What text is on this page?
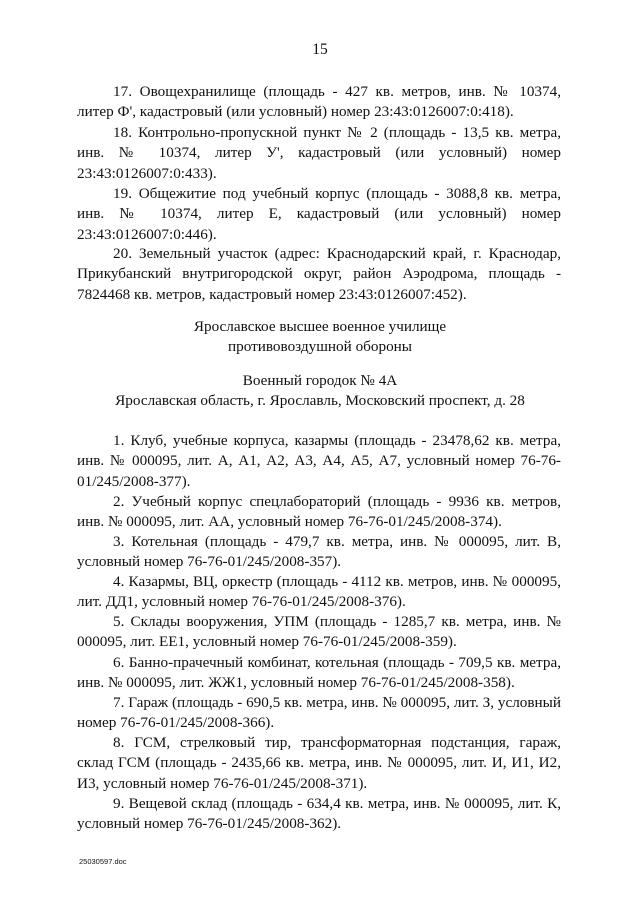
15

17. Овощехранилище (площадь - 427 кв. метров, инв. № 10374, литер Ф', кадастровый (или условный) номер 23:43:0126007:0:418).

18. Контрольно-пропускной пункт № 2 (площадь - 13,5 кв. метра, инв. № 10374, литер У', кадастровый (или условный) номер 23:43:0126007:0:433).

19. Общежитие под учебный корпус (площадь - 3088,8 кв. метра, инв. № 10374, литер Е, кадастровый (или условный) номер 23:43:0126007:0:446).

20. Земельный участок (адрес: Краснодарский край, г. Краснодар, Прикубанский внутригородской округ, район Аэродрома, площадь - 7824468 кв. метров, кадастровый номер 23:43:0126007:452).

Ярославское высшее военное училище

противовоздушной обороны

Военный городок № 4А

Ярославская область, г. Ярославль, Московский проспект, д. 28

1. Клуб, учебные корпуса, казармы (площадь - 23478,62 кв. метра, инв. № 000095, лит. А, А1, А2, А3, А4, А5, А7, условный номер 76-76-01/245/2008-377).

2. Учебный корпус спецлабораторий (площадь - 9936 кв. метров, инв. № 000095, лит. АА, условный номер 76-76-01/245/2008-374).

3. Котельная (площадь - 479,7 кв. метра, инв. № 000095, лит. В, условный номер 76-76-01/245/2008-357).

4. Казармы, ВЦ, оркестр (площадь - 4112 кв. метров, инв. № 000095, лит. ДД1, условный номер 76-76-01/245/2008-376).

5. Склады вооружения, УПМ (площадь - 1285,7 кв. метра, инв. № 000095, лит. ЕЕ1, условный номер 76-76-01/245/2008-359).

6. Банно-прачечный комбинат, котельная (площадь - 709,5 кв. метра, инв. № 000095, лит. ЖЖ1, условный номер 76-76-01/245/2008-358).

7. Гараж (площадь - 690,5 кв. метра, инв. № 000095, лит. З, условный номер 76-76-01/245/2008-366).

8. ГСМ, стрелковый тир, трансформаторная подстанция, гараж, склад ГСМ (площадь - 2435,66 кв. метра, инв. № 000095, лит. И, И1, И2, И3, условный номер 76-76-01/245/2008-371).

9. Вещевой склад (площадь - 634,4 кв. метра, инв. № 000095, лит. К, условный номер 76-76-01/245/2008-362).

25030597.doc
